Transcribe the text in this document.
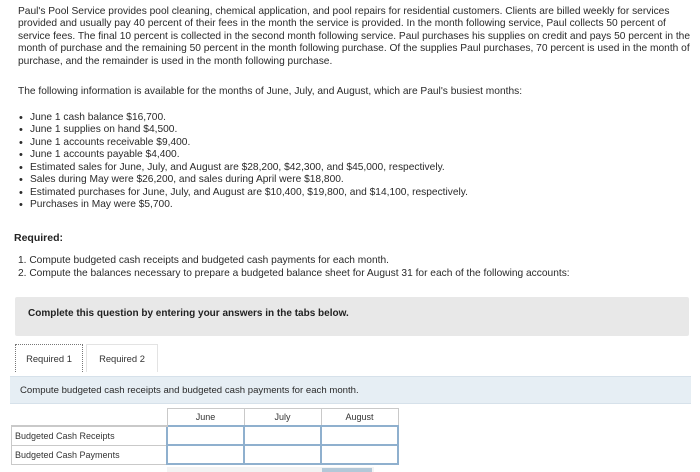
Paul's Pool Service provides pool cleaning, chemical application, and pool repairs for residential customers. Clients are billed weekly for services provided and usually pay 40 percent of their fees in the month the service is provided. In the month following service, Paul collects 50 percent of service fees. The final 10 percent is collected in the second month following service. Paul purchases his supplies on credit and pays 50 percent in the month of purchase and the remaining 50 percent in the month following purchase. Of the supplies Paul purchases, 70 percent is used in the month of purchase, and the remainder is used in the month following purchase.

The following information is available for the months of June, July, and August, which are Paul's busiest months:

• June 1 cash balance $16,700.
• June 1 supplies on hand $4,500.
• June 1 accounts receivable $9,400.
• June 1 accounts payable $4,400.
• Estimated sales for June, July, and August are $28,200, $42,300, and $45,000, respectively.
• Sales during May were $26,200, and sales during April were $18,800.
• Estimated purchases for June, July, and August are $10,400, $19,800, and $14,100, respectively.
• Purchases in May were $5,700.
Required:
1. Compute budgeted cash receipts and budgeted cash payments for each month.
2. Compute the balances necessary to prepare a budgeted balance sheet for August 31 for each of the following accounts:
Complete this question by entering your answers in the tabs below.
Required 1	Required 2
Compute budgeted cash receipts and budgeted cash payments for each month.
	June	July	August
Budgeted Cash Receipts			
Budgeted Cash Payments			
